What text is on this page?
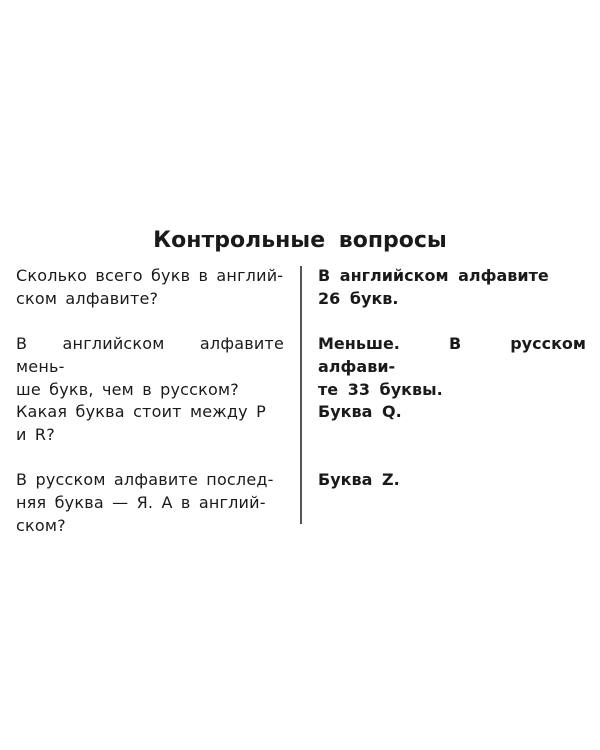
Контрольные вопросы

Сколько всего букв в англий-
ском алфавите?

В английском алфавите
26 букв.

В английском алфавите мень-
ше букв, чем в русском?

Меньше. В русском алфави-
те 33 буквы.

Какая буква стоит между Р
и R?

Буква Q.

В русском алфавите послед-
няя буква — Я. А в англий-
ском?

Буква Z.
